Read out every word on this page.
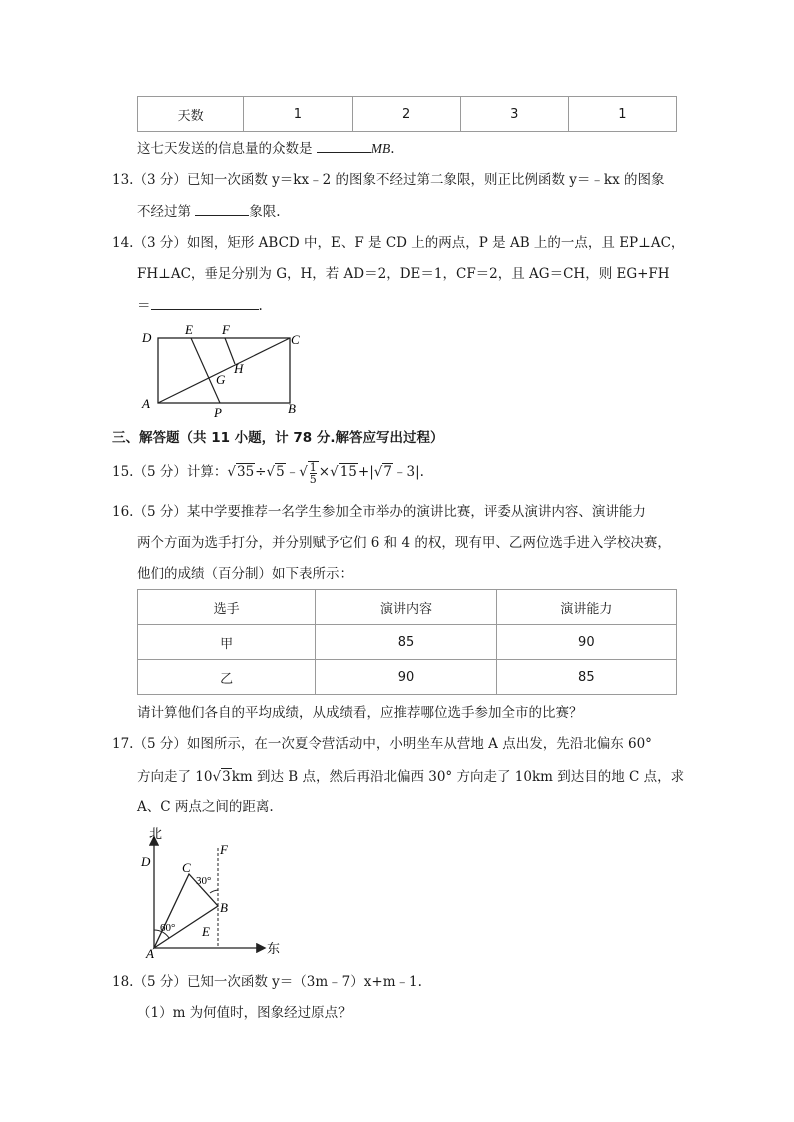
天数	1	2	3	1
这七天发送的信息量的众数是	MB.
13.（3 分）已知一次函数 y＝kx﹣2 的图象不经过第二象限，则正比例函数 y＝﹣kx 的图象
不经过第	象限.
14.（3 分）如图，矩形 ABCD 中，E、F 是 CD 上的两点，P 是 AB 上的一点，且 EP⊥AC，
FH⊥AC，垂足分别为 G，H，若 AD＝2，DE＝1，CF＝2，且 AG＝CH，则 EG+FH
＝	.
D
E F
C
H
G
A
P	B
三、解答题（共 11 小题，计 78 分.解答应写出过程）
15.（5 分）计算：√35÷√5﹣√ $\frac{1}{5}$ ×√15+|√7﹣3|.
16.（5 分）某中学要推荐一名学生参加全市举办的演讲比赛，评委从演讲内容、演讲能力
两个方面为选手打分，并分别赋予它们 6 和 4 的权，现有甲、乙两位选手进入学校决赛，
他们的成绩（百分制）如下表所示：
选手	演讲内容	演讲能力
甲	85	90
乙	90	85
请计算他们各自的平均成绩，从成绩看，应推荐哪位选手参加全市的比赛？
17.（5 分）如图所示，在一次夏令营活动中，小明坐车从营地 A 点出发，先沿北偏东 60°
方向走了 10√3km 到达 B 点，然后再沿北偏西 30° 方向走了 10km 到达目的地 C 点，求
A、C 两点之间的距离.
北
东
D C
F
B
E
A
30°
60°
18.（5 分）已知一次函数 y＝（3m﹣7）x+m﹣1.
（1）m 为何值时，图象经过原点？
